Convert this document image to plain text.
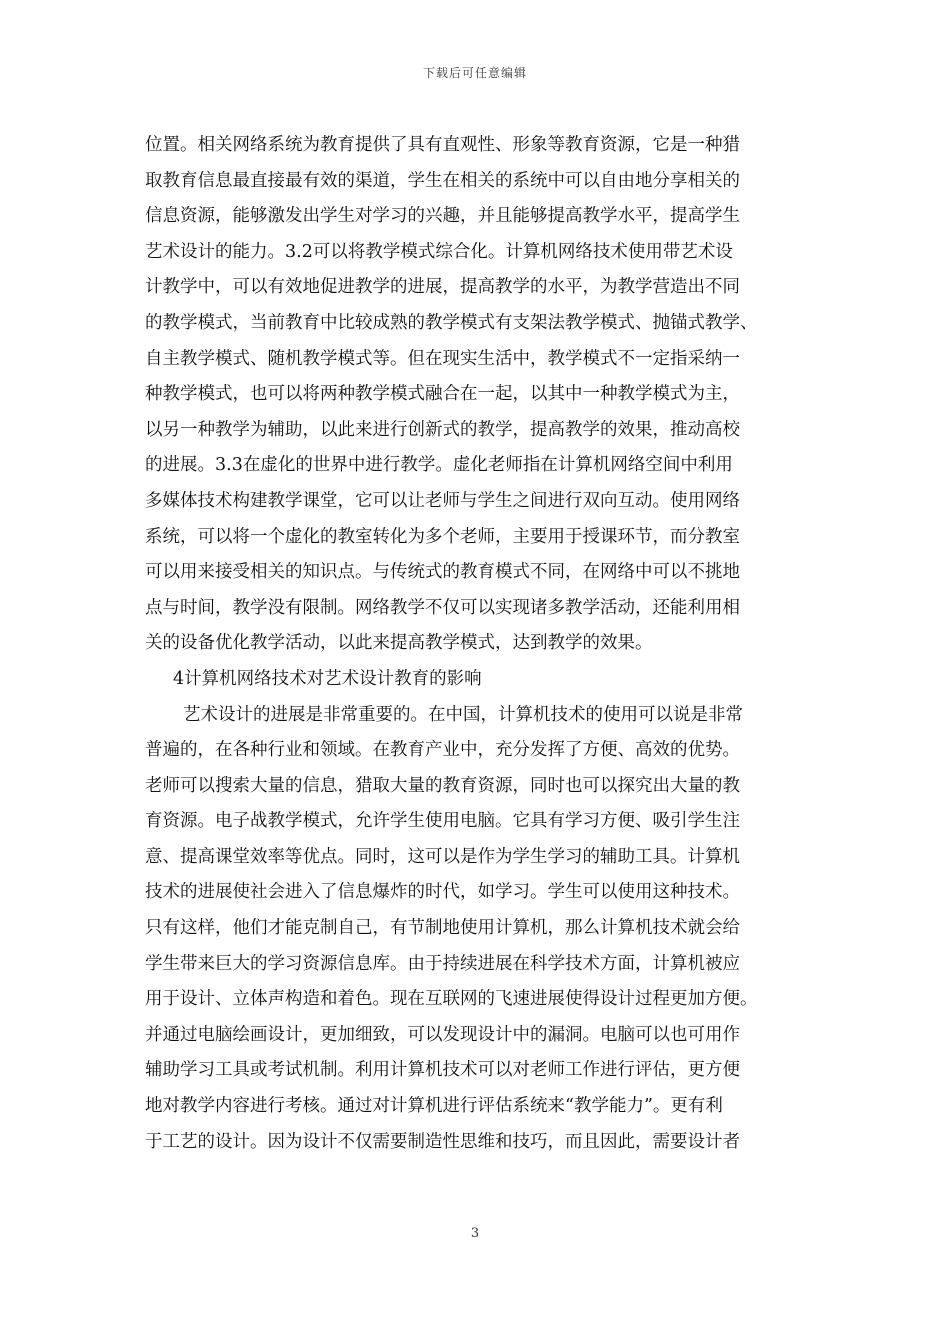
下载后可任意编辑
位置。相关网络系统为教育提供了具有直观性、形象等教育资源，它是一种猎
取教育信息最直接最有效的渠道，学生在相关的系统中可以自由地分享相关的
信息资源，能够激发出学生对学习的兴趣，并且能够提高教学水平，提高学生
艺术设计的能力。3.2可以将教学模式综合化。计算机网络技术使用带艺术设
计教学中，可以有效地促进教学的进展，提高教学的水平，为教学营造出不同
的教学模式，当前教育中比较成熟的教学模式有支架法教学模式、抛锚式教学、
自主教学模式、随机教学模式等。但在现实生活中，教学模式不一定指采纳一
种教学模式，也可以将两种教学模式融合在一起，以其中一种教学模式为主，
以另一种教学为辅助，以此来进行创新式的教学，提高教学的效果，推动高校
的进展。3.3在虚化的世界中进行教学。虚化老师指在计算机网络空间中利用
多媒体技术构建教学课堂，它可以让老师与学生之间进行双向互动。使用网络
系统，可以将一个虚化的教室转化为多个老师，主要用于授课环节，而分教室
可以用来接受相关的知识点。与传统式的教育模式不同，在网络中可以不挑地
点与时间，教学没有限制。网络教学不仅可以实现诸多教学活动，还能利用相
关的设备优化教学活动，以此来提高教学模式，达到教学的效果。
4计算机网络技术对艺术设计教育的影响
艺术设计的进展是非常重要的。在中国，计算机技术的使用可以说是非常
普遍的，在各种行业和领域。在教育产业中，充分发挥了方便、高效的优势。
老师可以搜索大量的信息，猎取大量的教育资源，同时也可以探究出大量的教
育资源。电子战教学模式，允许学生使用电脑。它具有学习方便、吸引学生注
意、提高课堂效率等优点。同时，这可以是作为学生学习的辅助工具。计算机
技术的进展使社会进入了信息爆炸的时代，如学习。学生可以使用这种技术。
只有这样，他们才能克制自己，有节制地使用计算机，那么计算机技术就会给
学生带来巨大的学习资源信息库。由于持续进展在科学技术方面，计算机被应
用于设计、立体声构造和着色。现在互联网的飞速进展使得设计过程更加方便。
并通过电脑绘画设计，更加细致，可以发现设计中的漏洞。电脑可以也可用作
辅助学习工具或考试机制。利用计算机技术可以对老师工作进行评估，更方便
地对教学内容进行考核。通过对计算机进行评估系统来“教学能力”。更有利
于工艺的设计。因为设计不仅需要制造性思维和技巧，而且因此，需要设计者
3
